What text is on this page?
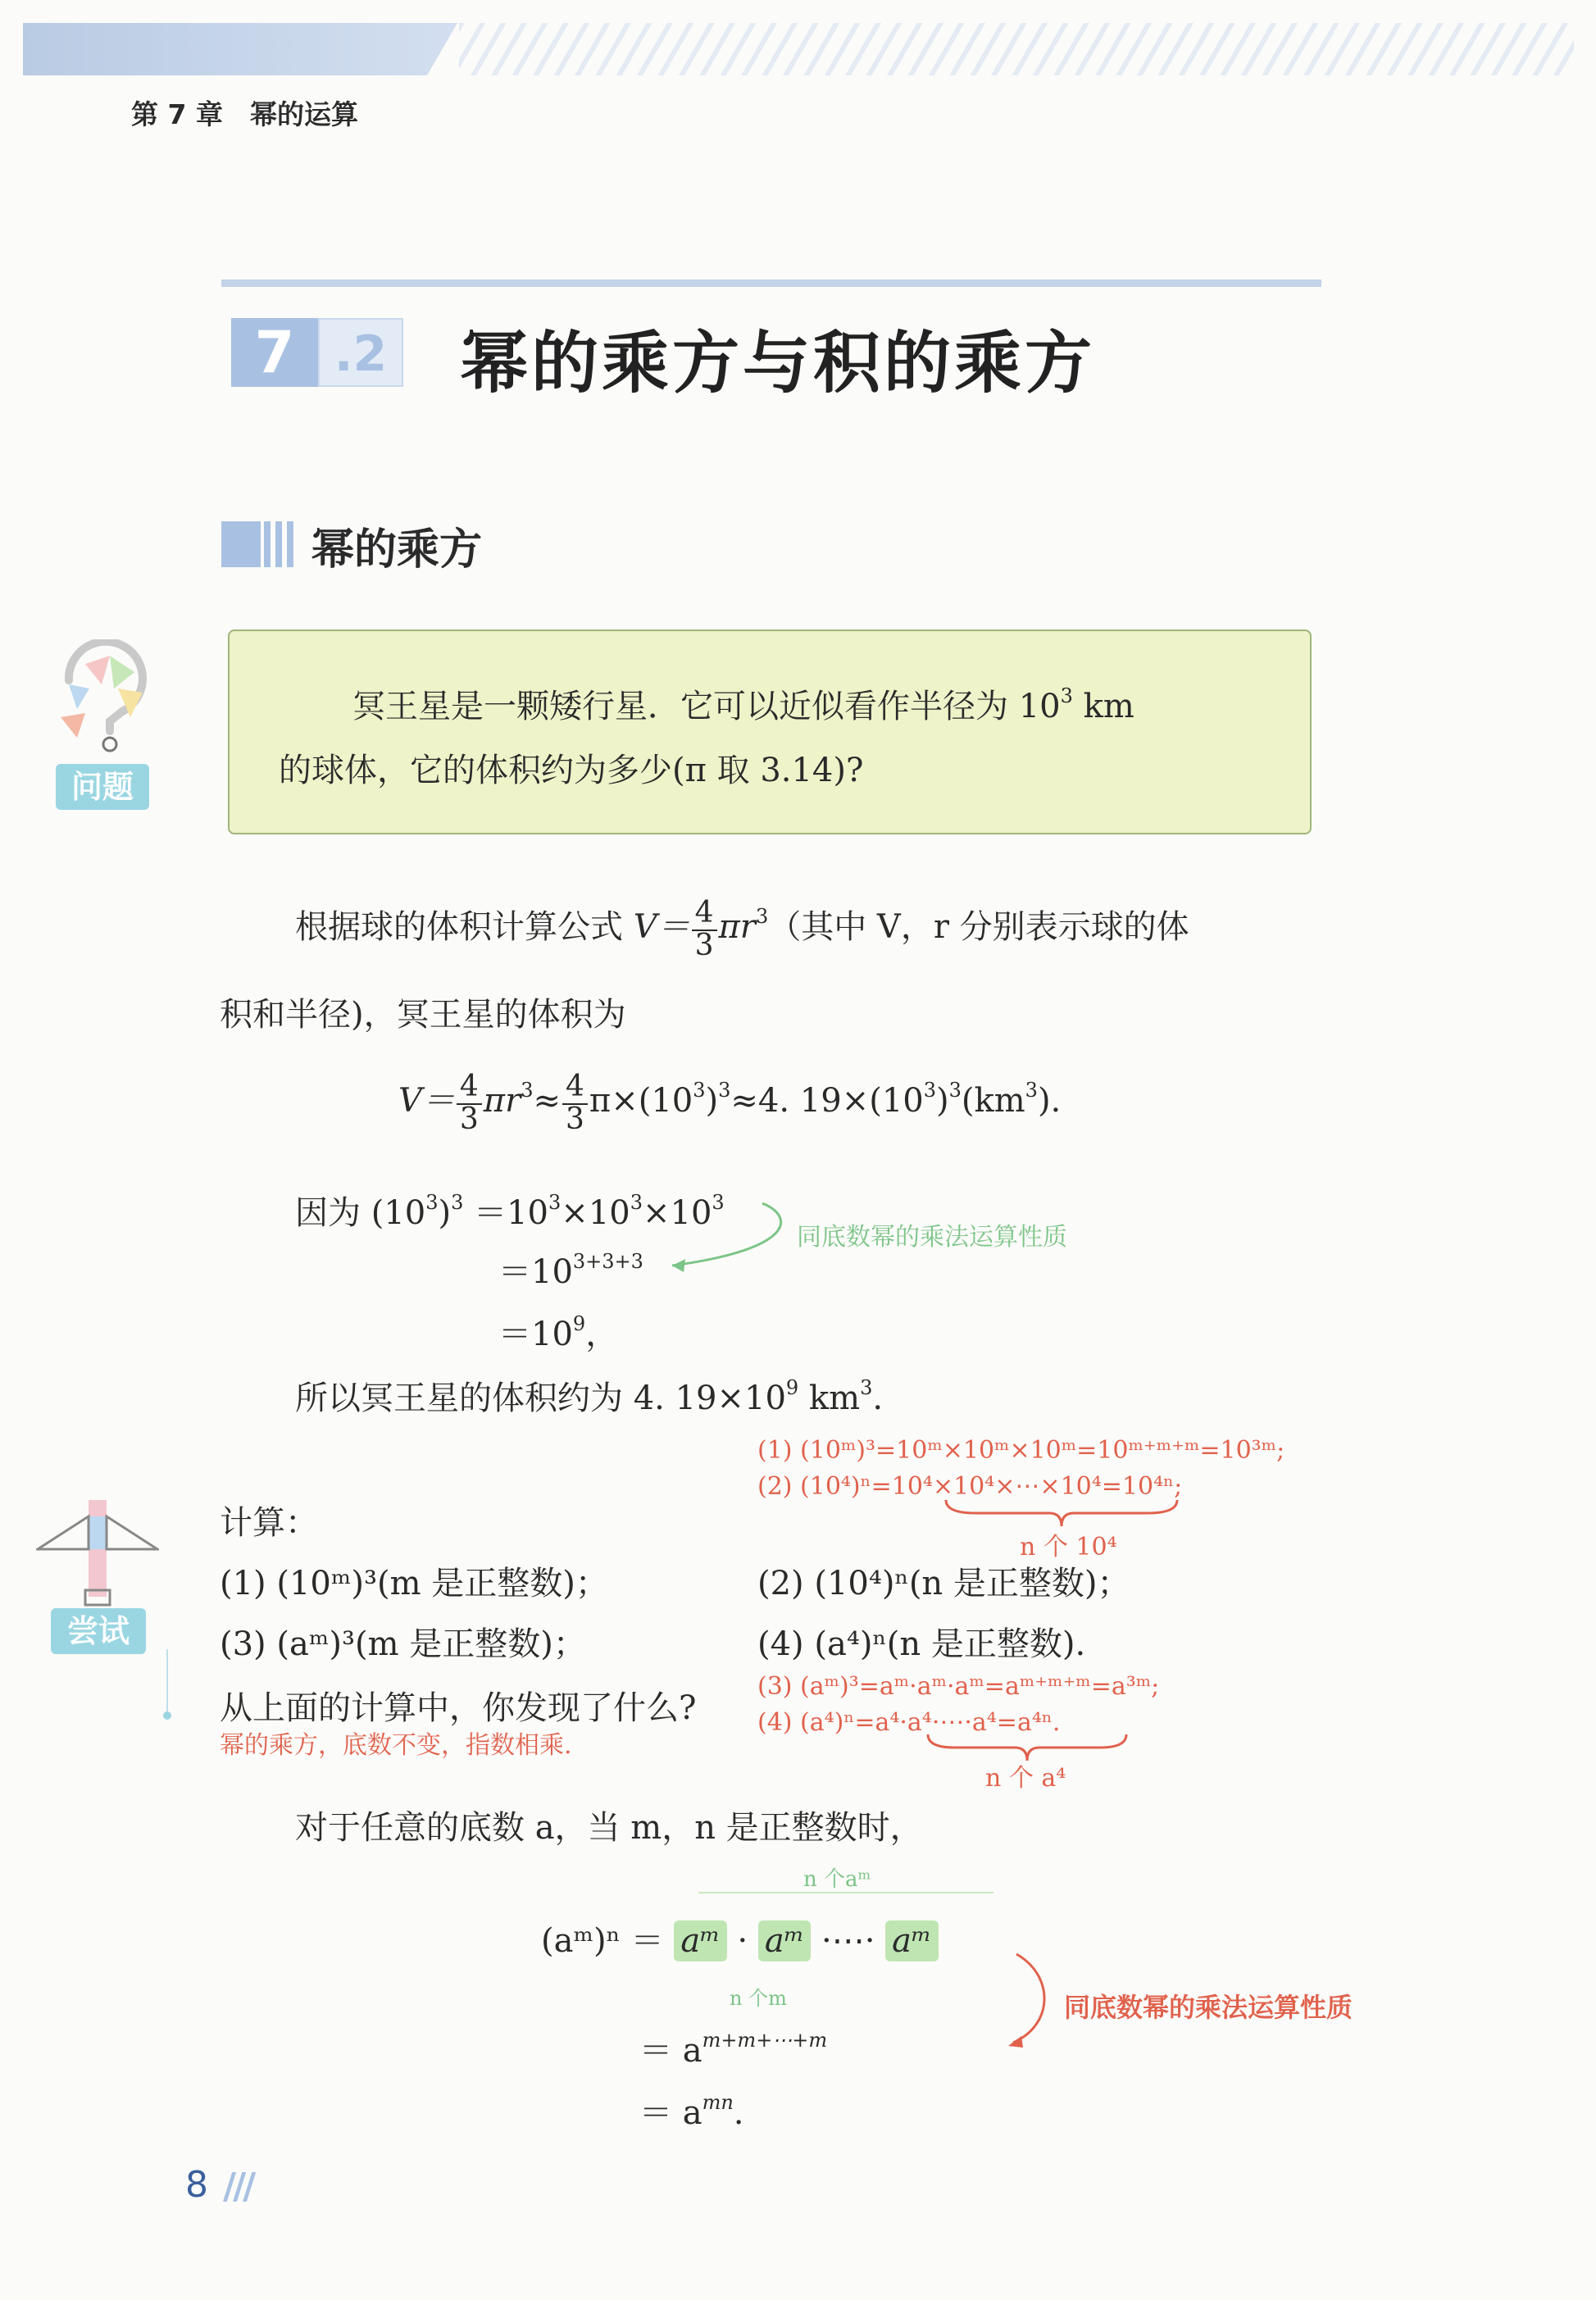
第 7 章　幂的运算
7 .2 幂的乘方与积的乘方
幂的乘方
问题
冥王星是一颗矮行星．它可以近似看作半径为 $10^3$ km
的球体，它的体积约为多少(π 取 3.14)?
根据球的体积计算公式 $V= \frac{4}{3} \pi r^3$（其中 V，r 分别表示球的体
积和半径)，冥王星的体积为
$V= \frac{4}{3} \pi r^3\approx \frac{4}{3} \pi\times(10^3)^3\approx 4$. $19\times(10^3)^3(km^3)$.
因为 $(10^3)^3 =10^3\times 10^3\times 10^3$
$=10^{3+3+3}$
$=10^9$，
同底数幂的乘法运算性质
所以冥王星的体积约为 4. $19\times 10^9$ $km^3$.
(1) (10ᵐ)³=10ᵐ×10ᵐ×10ᵐ=10ᵐ⁺ᵐ⁺ᵐ=10³ᵐ;
(2) (10⁴)ⁿ=10⁴×10⁴×⋯×10⁴=10⁴ⁿ;
n 个 10⁴
(3) (aᵐ)³=aᵐ·aᵐ·aᵐ=aᵐ⁺ᵐ⁺ᵐ=a³ᵐ;
(4) (a⁴)ⁿ=a⁴·a⁴·⋯·a⁴=a⁴ⁿ.
n 个 a⁴
尝试
计算：
(1) (10ᵐ)³(m 是正整数)；	(2) (10⁴)ⁿ(n 是正整数)；
(3) (aᵐ)³(m 是正整数)；	(4) (a⁴)ⁿ(n 是正整数).
从上面的计算中，你发现了什么?
幂的乘方，底数不变，指数相乘.
对于任意的底数 a，当 m，n 是正整数时，
n 个aᵐ
(aᵐ)ⁿ ＝ aᵐ · aᵐ ·⋯· aᵐ
n 个m
＝ $a^{m+m+\cdots+m}$
＝ $a^{mn}$.
同底数幂的乘法运算性质
8 ///
